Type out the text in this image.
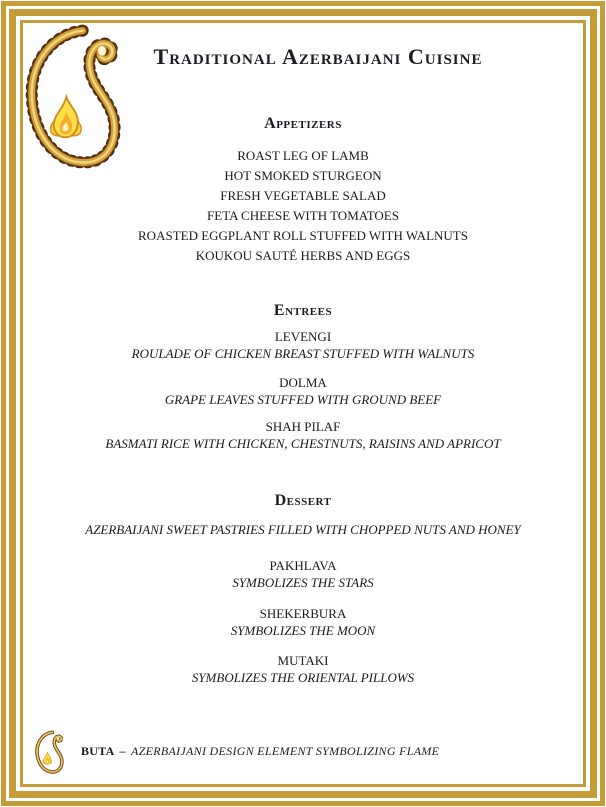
Traditional Azerbaijani Cuisine
Appetizers
ROAST LEG OF LAMB
HOT SMOKED STURGEON
FRESH VEGETABLE SALAD
FETA CHEESE WITH TOMATOES
ROASTED EGGPLANT ROLL STUFFED WITH WALNUTS
KOUKOU SAUTÉ HERBS AND EGGS
Entrees
LEVENGI
ROULADE OF CHICKEN BREAST STUFFED WITH WALNUTS
DOLMA
GRAPE LEAVES STUFFED WITH GROUND BEEF
SHAH PILAF
BASMATI RICE WITH CHICKEN, CHESTNUTS, RAISINS AND APRICOT
Dessert
AZERBAIJANI SWEET PASTRIES FILLED WITH CHOPPED NUTS AND HONEY
PAKHLAVA
SYMBOLIZES THE STARS
SHEKERBURA
SYMBOLIZES THE MOON
MUTAKI
SYMBOLIZES THE ORIENTAL PILLOWS
BUTA – AZERBAIJANI DESIGN ELEMENT SYMBOLIZING FLAME
